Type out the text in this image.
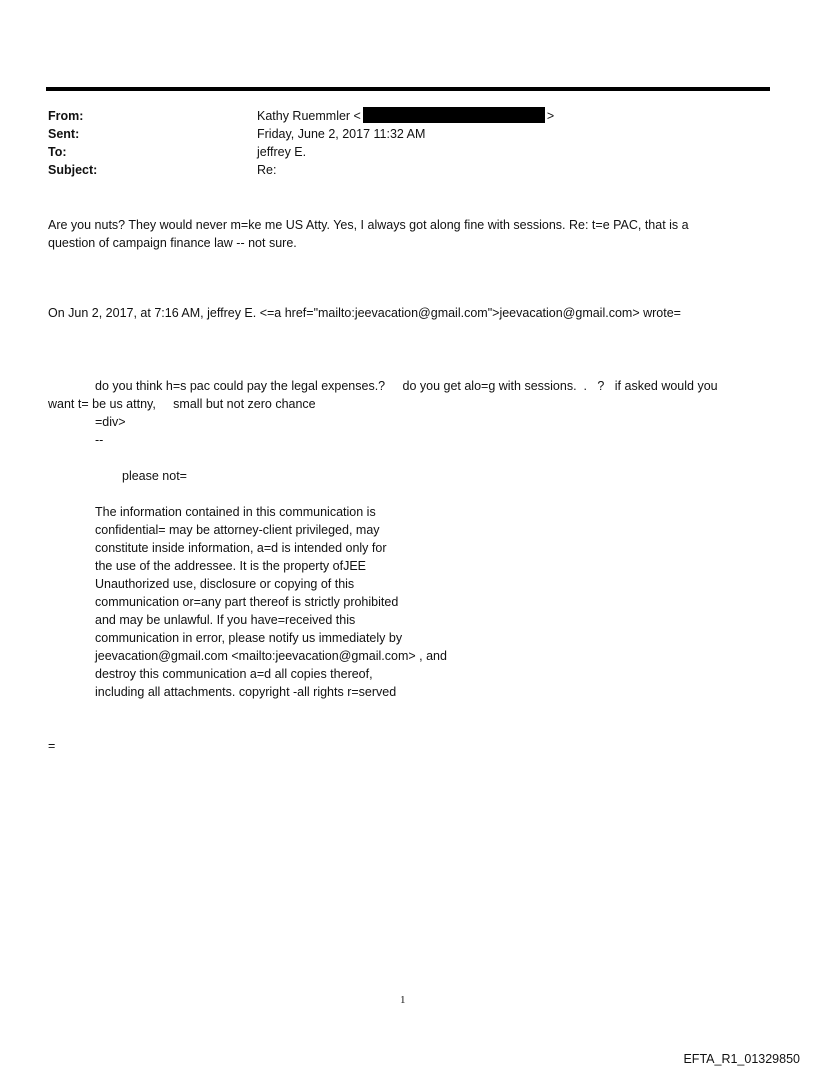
From:	Kathy Ruemmler <	>
Sent:	Friday, June 2, 2017 11:32 AM
To:	jeffrey E.
Subject:	Re:
Are you nuts? They would never m=ke me US Atty. Yes, I always got along fine with sessions. Re: t=e PAC, that is a
question of campaign finance law -- not sure.
On Jun 2, 2017, at 7:16 AM, jeffrey E. <=a href="mailto:jeevacation@gmail.com">jeevacation@gmail.com> wrote=
do you think h=s pac could pay the legal expenses.?     do you get alo=g with sessions.  .   ?   if asked would you
want t= be us attny,     small but not zero chance
=div>
--
please not=
The information contained in this communication is
confidential= may be attorney-client privileged, may
constitute inside information, a=d is intended only for
the use of the addressee. It is the property ofJEE
Unauthorized use, disclosure or copying of this
communication or=any part thereof is strictly prohibited
and may be unlawful. If you have=received this
communication in error, please notify us immediately by
jeevacation@gmail.com <mailto:jeevacation@gmail.com> , and
destroy this communication a=d all copies thereof,
including all attachments. copyright -all rights r=served
=
1
EFTA_R1_01329850
